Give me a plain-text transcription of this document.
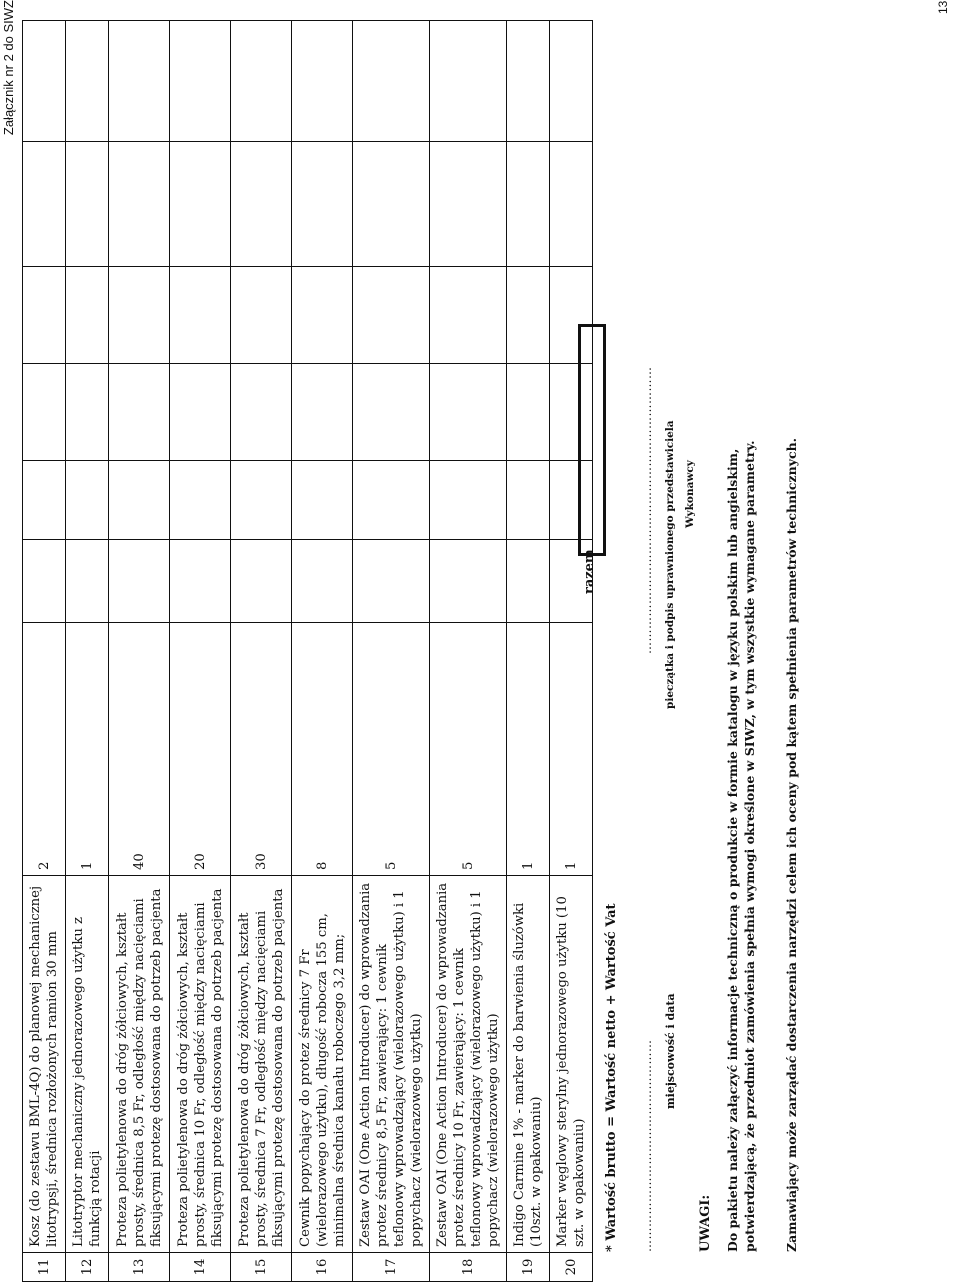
Załącznik nr 2 do SIWZ
11	Kosz (do zestawu BML-4Q) do planowej mechanicznej litotrypsji, średnica rozłożonych ramion 30 mm	2						
12	Litotryptor mechaniczny jednorazowego użytku z funkcją rotacji	1						
13	Proteza polietylenowa do dróg żółciowych, kształt prosty, średnica 8,5 Fr, odległość między nacięciami fiksującymi protezę dostosowana do potrzeb pacjenta	40						
14	Proteza polietylenowa do dróg żółciowych, kształt prosty, średnica 10 Fr, odległość między nacięciami fiksującymi protezę dostosowana do potrzeb pacjenta	20						
15	Proteza polietylenowa do dróg żółciowych, kształt prosty, średnica 7 Fr, odległość między nacięciami fiksującymi protezę dostosowana do potrzeb pacjenta	30						
16	Cewnik popychający do protez średnicy 7 Fr (wielorazowego użytku), długość robocza 155 cm, minimalna średnica kanału roboczego 3,2 mm;	8						
17	Zestaw OAI (One Action Introducer) do wprowadzania protez średnicy 8,5 Fr, zawierający: 1 cewnik teflonowy wprowadzający (wielorazowego użytku) i 1 popychacz (wielorazowego użytku)	5						
18	Zestaw OAI (One Action Introducer) do wprowadzania protez średnicy 10 Fr, zawierający: 1 cewnik teflonowy wprowadzający (wielorazowego użytku) i 1 popychacz (wielorazowego użytku)	5						
19	Indigo Carmine 1% - marker do barwienia śluzówki (10szt. w opakowaniu)	1						
20	Marker węglowy sterylny jednorazowego użytku (10 szt. w opakowaniu)	1						
razem
* Wartość brutto = Wartość netto + Wartość Vat …………………………………………… miejscowość i data
…………………………………………………………… pieczątka i podpis uprawnionego przedstawiciela Wykonawcy
UWAGI: Do pakietu należy załączyć informacje techniczną o produkcie w formie katalogu w języku polskim lub angielskim, potwierdzającą, że przedmiot zamówienia spełnia wymogi określone w SIWZ, w tym wszystkie wymagane parametry. Zamawiający może zarządać dostarczenia narzędzi celem ich oceny pod kątem spełnienia parametrów technicznych.
13
